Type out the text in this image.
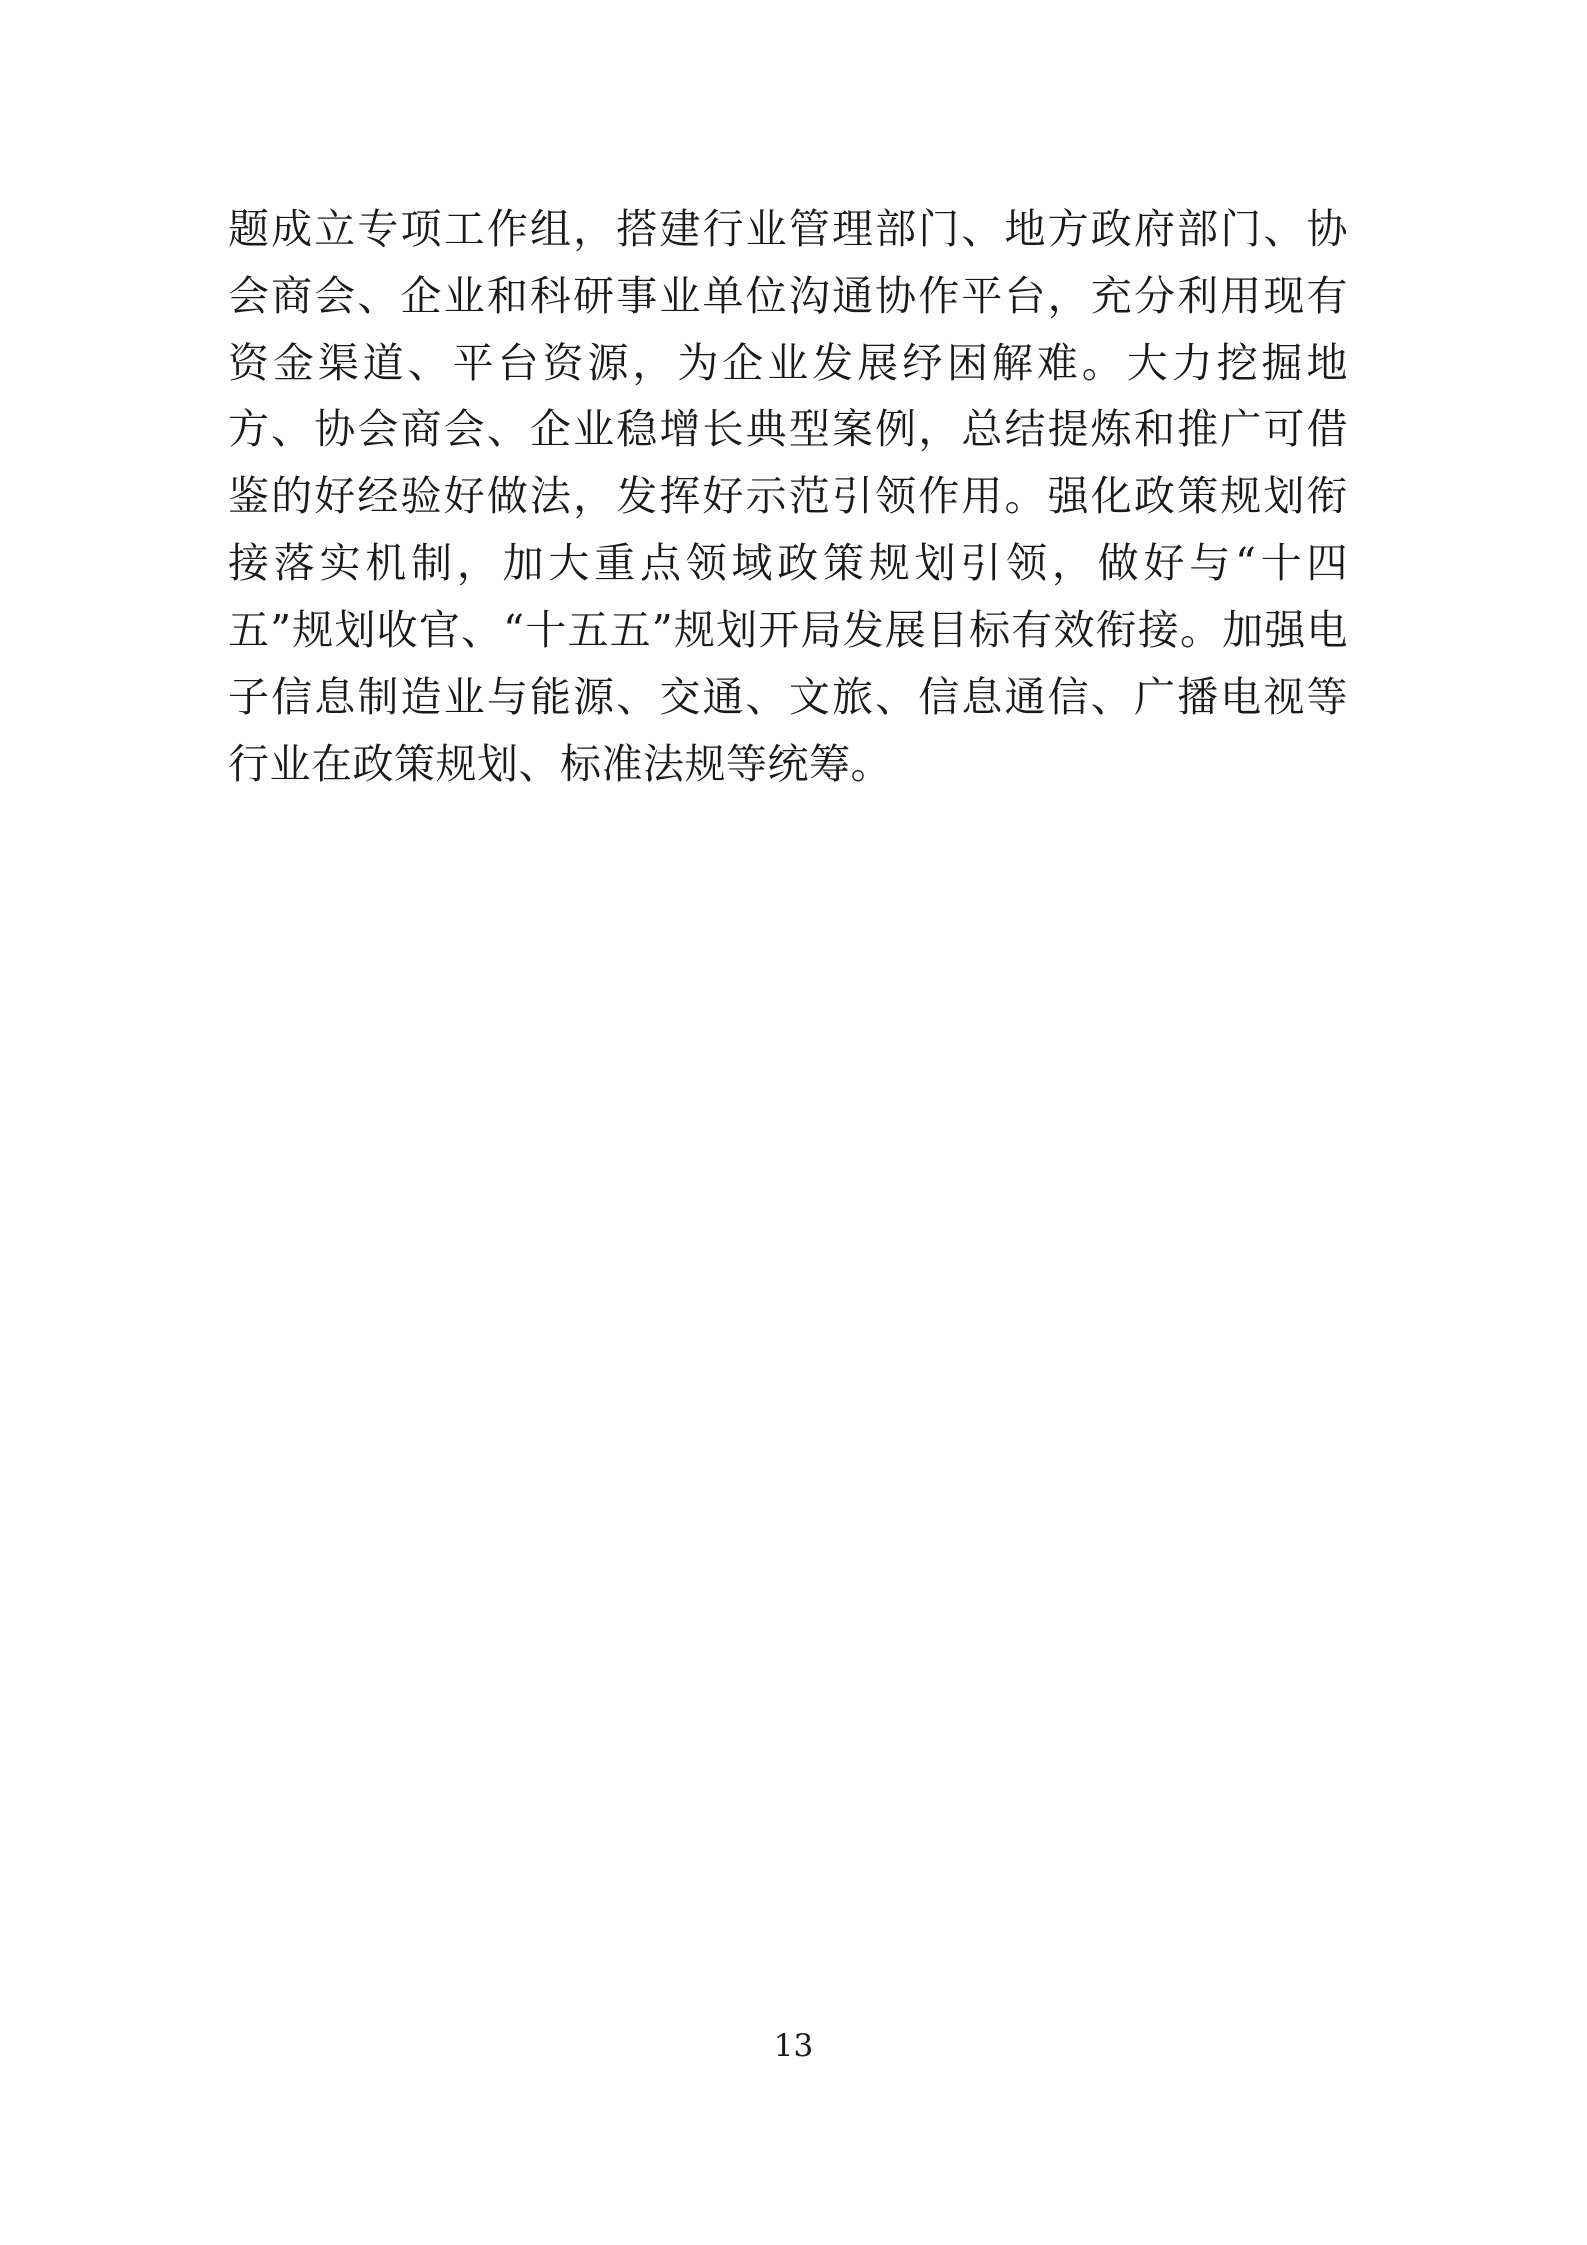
题成立专项工作组，搭建行业管理部门、地方政府部门、协会商会、企业和科研事业单位沟通协作平台，充分利用现有资金渠道、平台资源，为企业发展纾困解难。大力挖掘地方、协会商会、企业稳增长典型案例，总结提炼和推广可借鉴的好经验好做法，发挥好示范引领作用。强化政策规划衔接落实机制，加大重点领域政策规划引领，做好与“十四五”规划收官、“十五五”规划开局发展目标有效衔接。加强电子信息制造业与能源、交通、文旅、信息通信、广播电视等行业在政策规划、标准法规等统筹。
13
